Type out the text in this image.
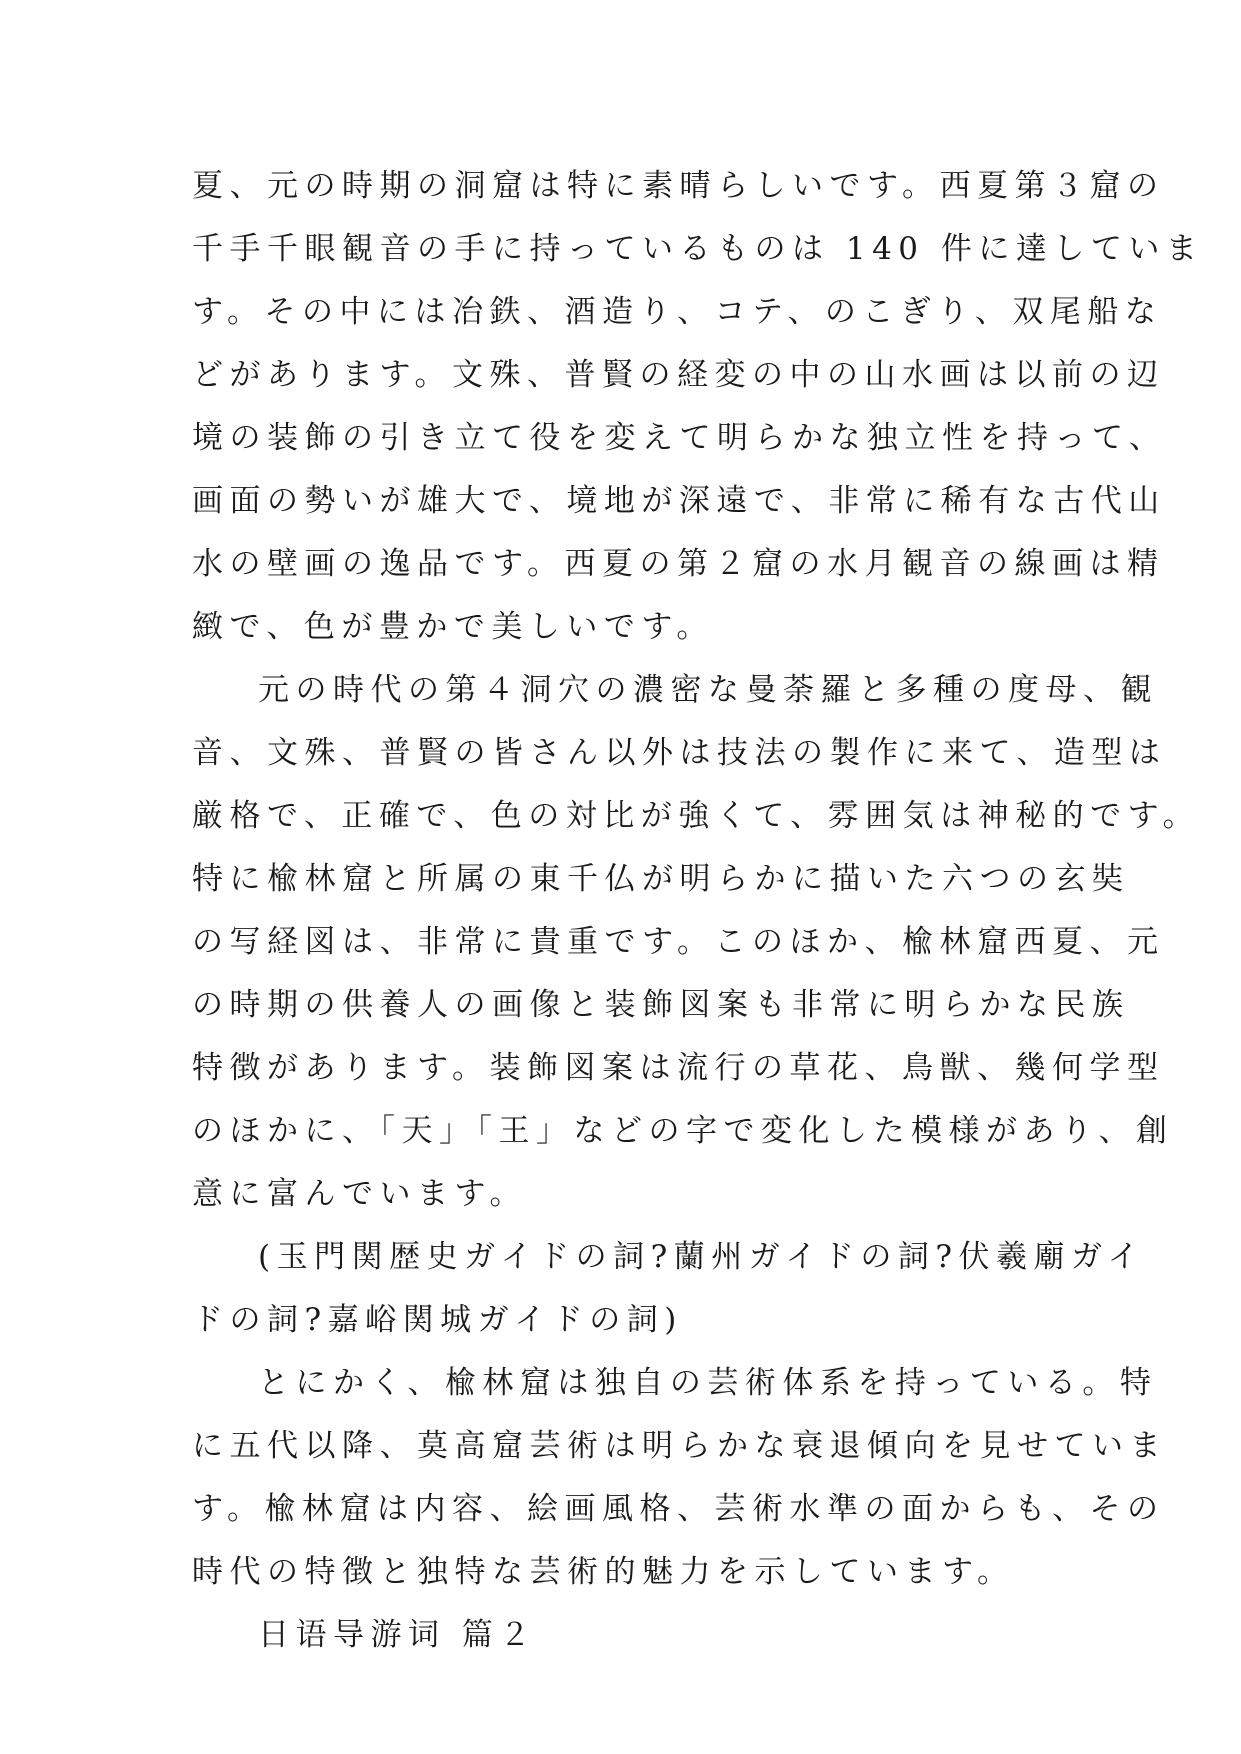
夏、元の時期の洞窟は特に素晴らしいです。西夏第３窟の
千手千眼観音の手に持っているものは 140 件に達していま
す。その中には冶鉄、酒造り、コテ、のこぎり、双尾船な
どがあります。文殊、普賢の経変の中の山水画は以前の辺
境の装飾の引き立て役を変えて明らかな独立性を持って、
画面の勢いが雄大で、境地が深遠で、非常に稀有な古代山
水の壁画の逸品です。西夏の第２窟の水月観音の線画は精
緻で、色が豊かで美しいです。
元の時代の第４洞穴の濃密な曼荼羅と多種の度母、観
音、文殊、普賢の皆さん以外は技法の製作に来て、造型は
厳格で、正確で、色の対比が強くて、雰囲気は神秘的です。
特に楡林窟と所属の東千仏が明らかに描いた六つの玄奘
の写経図は、非常に貴重です。このほか、楡林窟西夏、元
の時期の供養人の画像と装飾図案も非常に明らかな民族
特徴があります。装飾図案は流行の草花、鳥獣、幾何学型
のほかに、「天」「王」などの字で変化した模様があり、創
意に富んでいます。
(玉門関歴史ガイドの詞?蘭州ガイドの詞?伏羲廟ガイ
ドの詞?嘉峪関城ガイドの詞)
とにかく、楡林窟は独自の芸術体系を持っている。特
に五代以降、莫高窟芸術は明らかな衰退傾向を見せていま
す。楡林窟は内容、絵画風格、芸術水準の面からも、その
時代の特徴と独特な芸術的魅力を示しています。
日语导游词 篇２
